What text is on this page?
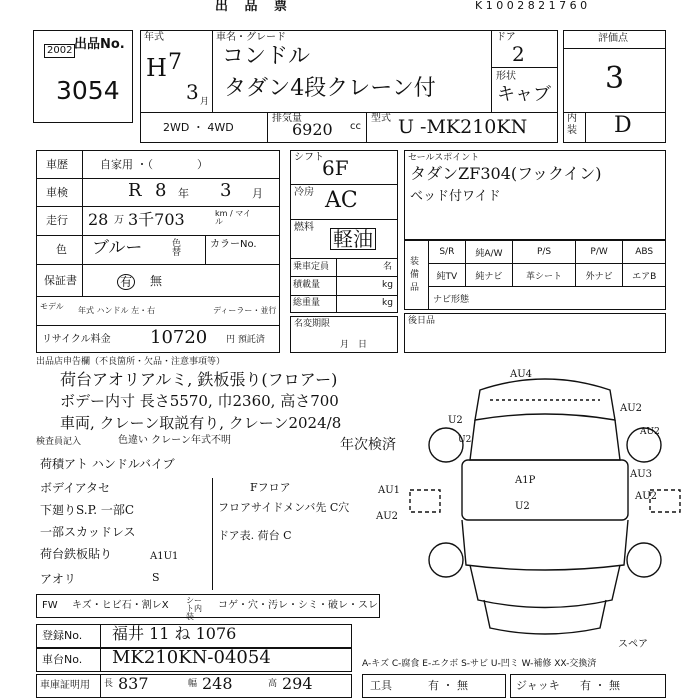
出 品 票	K 1 0 0 2 8 2 1 7 6 0
出品No.
2002
3054
年式	車名・グレード	ドア
H 7
3 月
コンドル
タダン4段クレーン付
2
形状
キャブ
2WD ・ 4WD
排気量
6920 cc
型式 U -MK210KN
評価点
3
内装 D
車歴	自家用 ・（　　　　）
車検	R 8 年 3 月
走行 28 万 3千703	km / マイル
色 ブルー	色替
カラーNo.
保証書	有 無
モデル 年式 ハンドル 左・右	ディーラー・並行
リサイクル料金 10720 円 預託済
シフト
6F
冷房 AC
燃料 軽油
乗車定員	名
積載量	kg
総重量	kg
名変期限
月　日
セールスポイント
タダンZF304(フックイン)
ベッド付ワイド
装備品
S/R	純A/W	P/S	P/W	ABS
純TV	純ナビ	革シート	外ナビ	エアB
ナビ形態				
後日品
出品店申告欄（不良箇所・欠品・注意事項等）
荷台アオリアルミ, 鉄板張り(フロアー)
ボデー内寸 長さ5570, 巾2360, 高さ700
車両, クレーン取説有り, クレーン2024/8
年次検済
検査員記入	色違い クレーン年式不明
荷積アト ハンドルバイブ
ボデイアタセ
下廻りS.P. 一部C
一部スカッドレス
荷台鉄板貼り
アオリ
Fフロア
フロアサイドメンバ先 C穴
ドア表. 荷台 C
A1U1
S
AU4
AU2
U2
U2
AU1
AU2
AU3
AU2
AU2
A1P
U2
スペア
FW キズ・ヒビ石・割レX シート内装
コゲ・穴・汚レ・シミ・破レ・スレ
登録No. 福井 11 ね 1076
車台No. MK210KN-04054
車庫証明用 長 837	幅 248	高 294
A-キズ C-腐食 E-エクボ S-サビ U-凹ミ W-補修 XX-交換済
工具	有 ・ 無	ジャッキ 有 ・ 無
